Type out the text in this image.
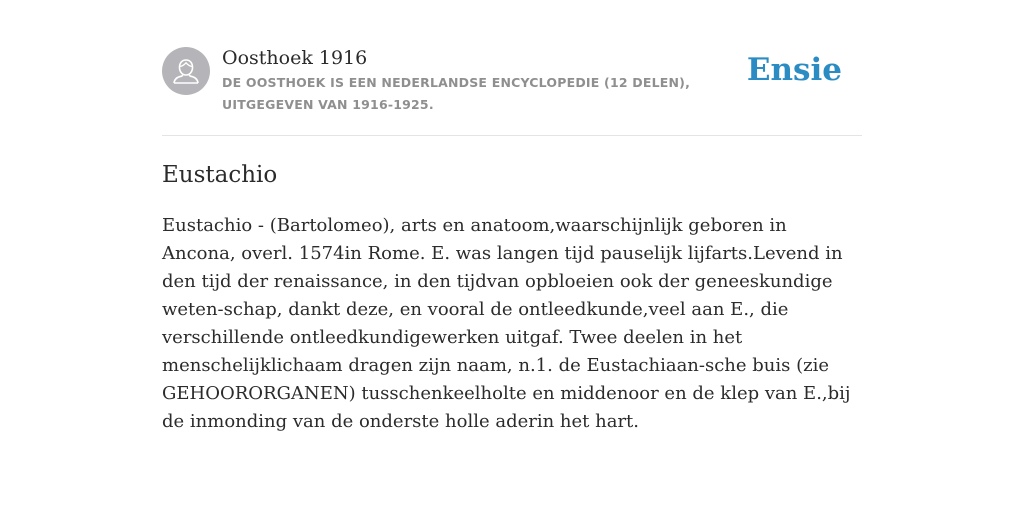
Oosthoek 1916
DE OOSTHOEK IS EEN NEDERLANDSE ENCYCLOPEDIE (12 DELEN), UITGEGEVEN VAN 1916-1925.
Ensie
Eustachio
Eustachio - (Bartolomeo), arts en anatoom,waarschijnlijk geboren in Ancona, overl. 1574in Rome. E. was langen tijd pauselijk lijfarts.Levend in den tijd der renaissance, in den tijdvan opbloeien ook der geneeskundige weten-schap, dankt deze, en vooral de ontleedkunde,veel aan E., die verschillende ontleedkundigewerken uitgaf. Twee deelen in het menschelijklichaam dragen zijn naam, n.1. de Eustachiaan-sche buis (zie GEHOORORGANEN) tusschenkeelholte en middenoor en de klep van E.,bij de inmonding van de onderste holle aderin het hart.
